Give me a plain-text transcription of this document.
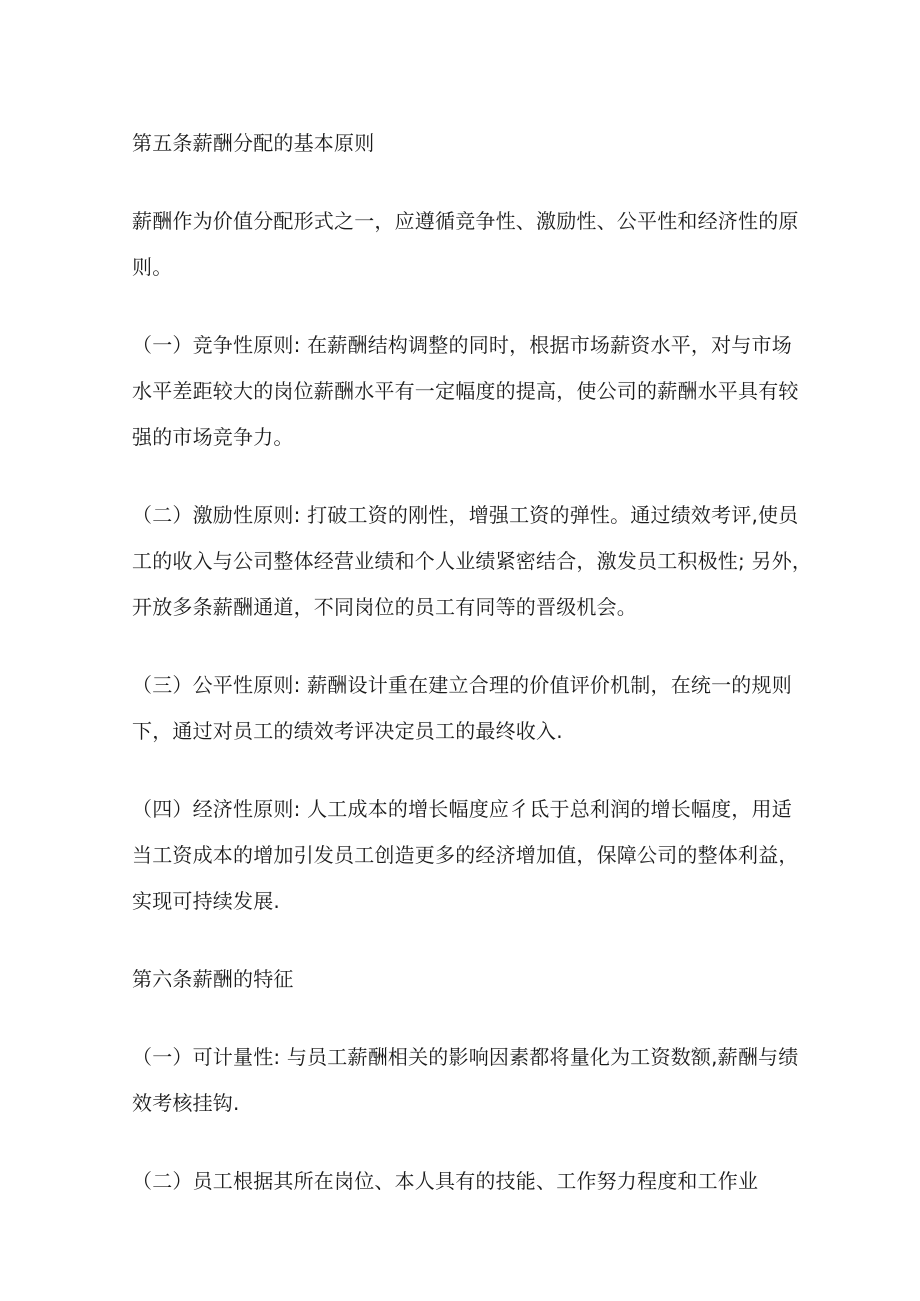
第五条薪酬分配的基本原则
薪酬作为价值分配形式之一，应遵循竞争性、激励性、公平性和经济性的原
则。
（一）竞争性原则: 在薪酬结构调整的同时，根据市场薪资水平，对与市场
水平差距较大的岗位薪酬水平有一定幅度的提高，使公司的薪酬水平具有较
强的市场竞争力。
（二）激励性原则: 打破工资的刚性，增强工资的弹性。通过绩效考评,使员
工的收入与公司整体经营业绩和个人业绩紧密结合，激发员工积极性; 另外，
开放多条薪酬通道，不同岗位的员工有同等的晋级机会。
（三）公平性原则: 薪酬设计重在建立合理的价值评价机制，在统一的规则
下，通过对员工的绩效考评决定员工的最终收入.
（四）经济性原则: 人工成本的增长幅度应彳氐于总利润的增长幅度，用适
当工资成本的增加引发员工创造更多的经济增加值，保障公司的整体利益，
实现可持续发展.
第六条薪酬的特征
（一）可计量性: 与员工薪酬相关的影响因素都将量化为工资数额,薪酬与绩
效考核挂钩.
（二）员工根据其所在岗位、本人具有的技能、工作努力程度和工作业
